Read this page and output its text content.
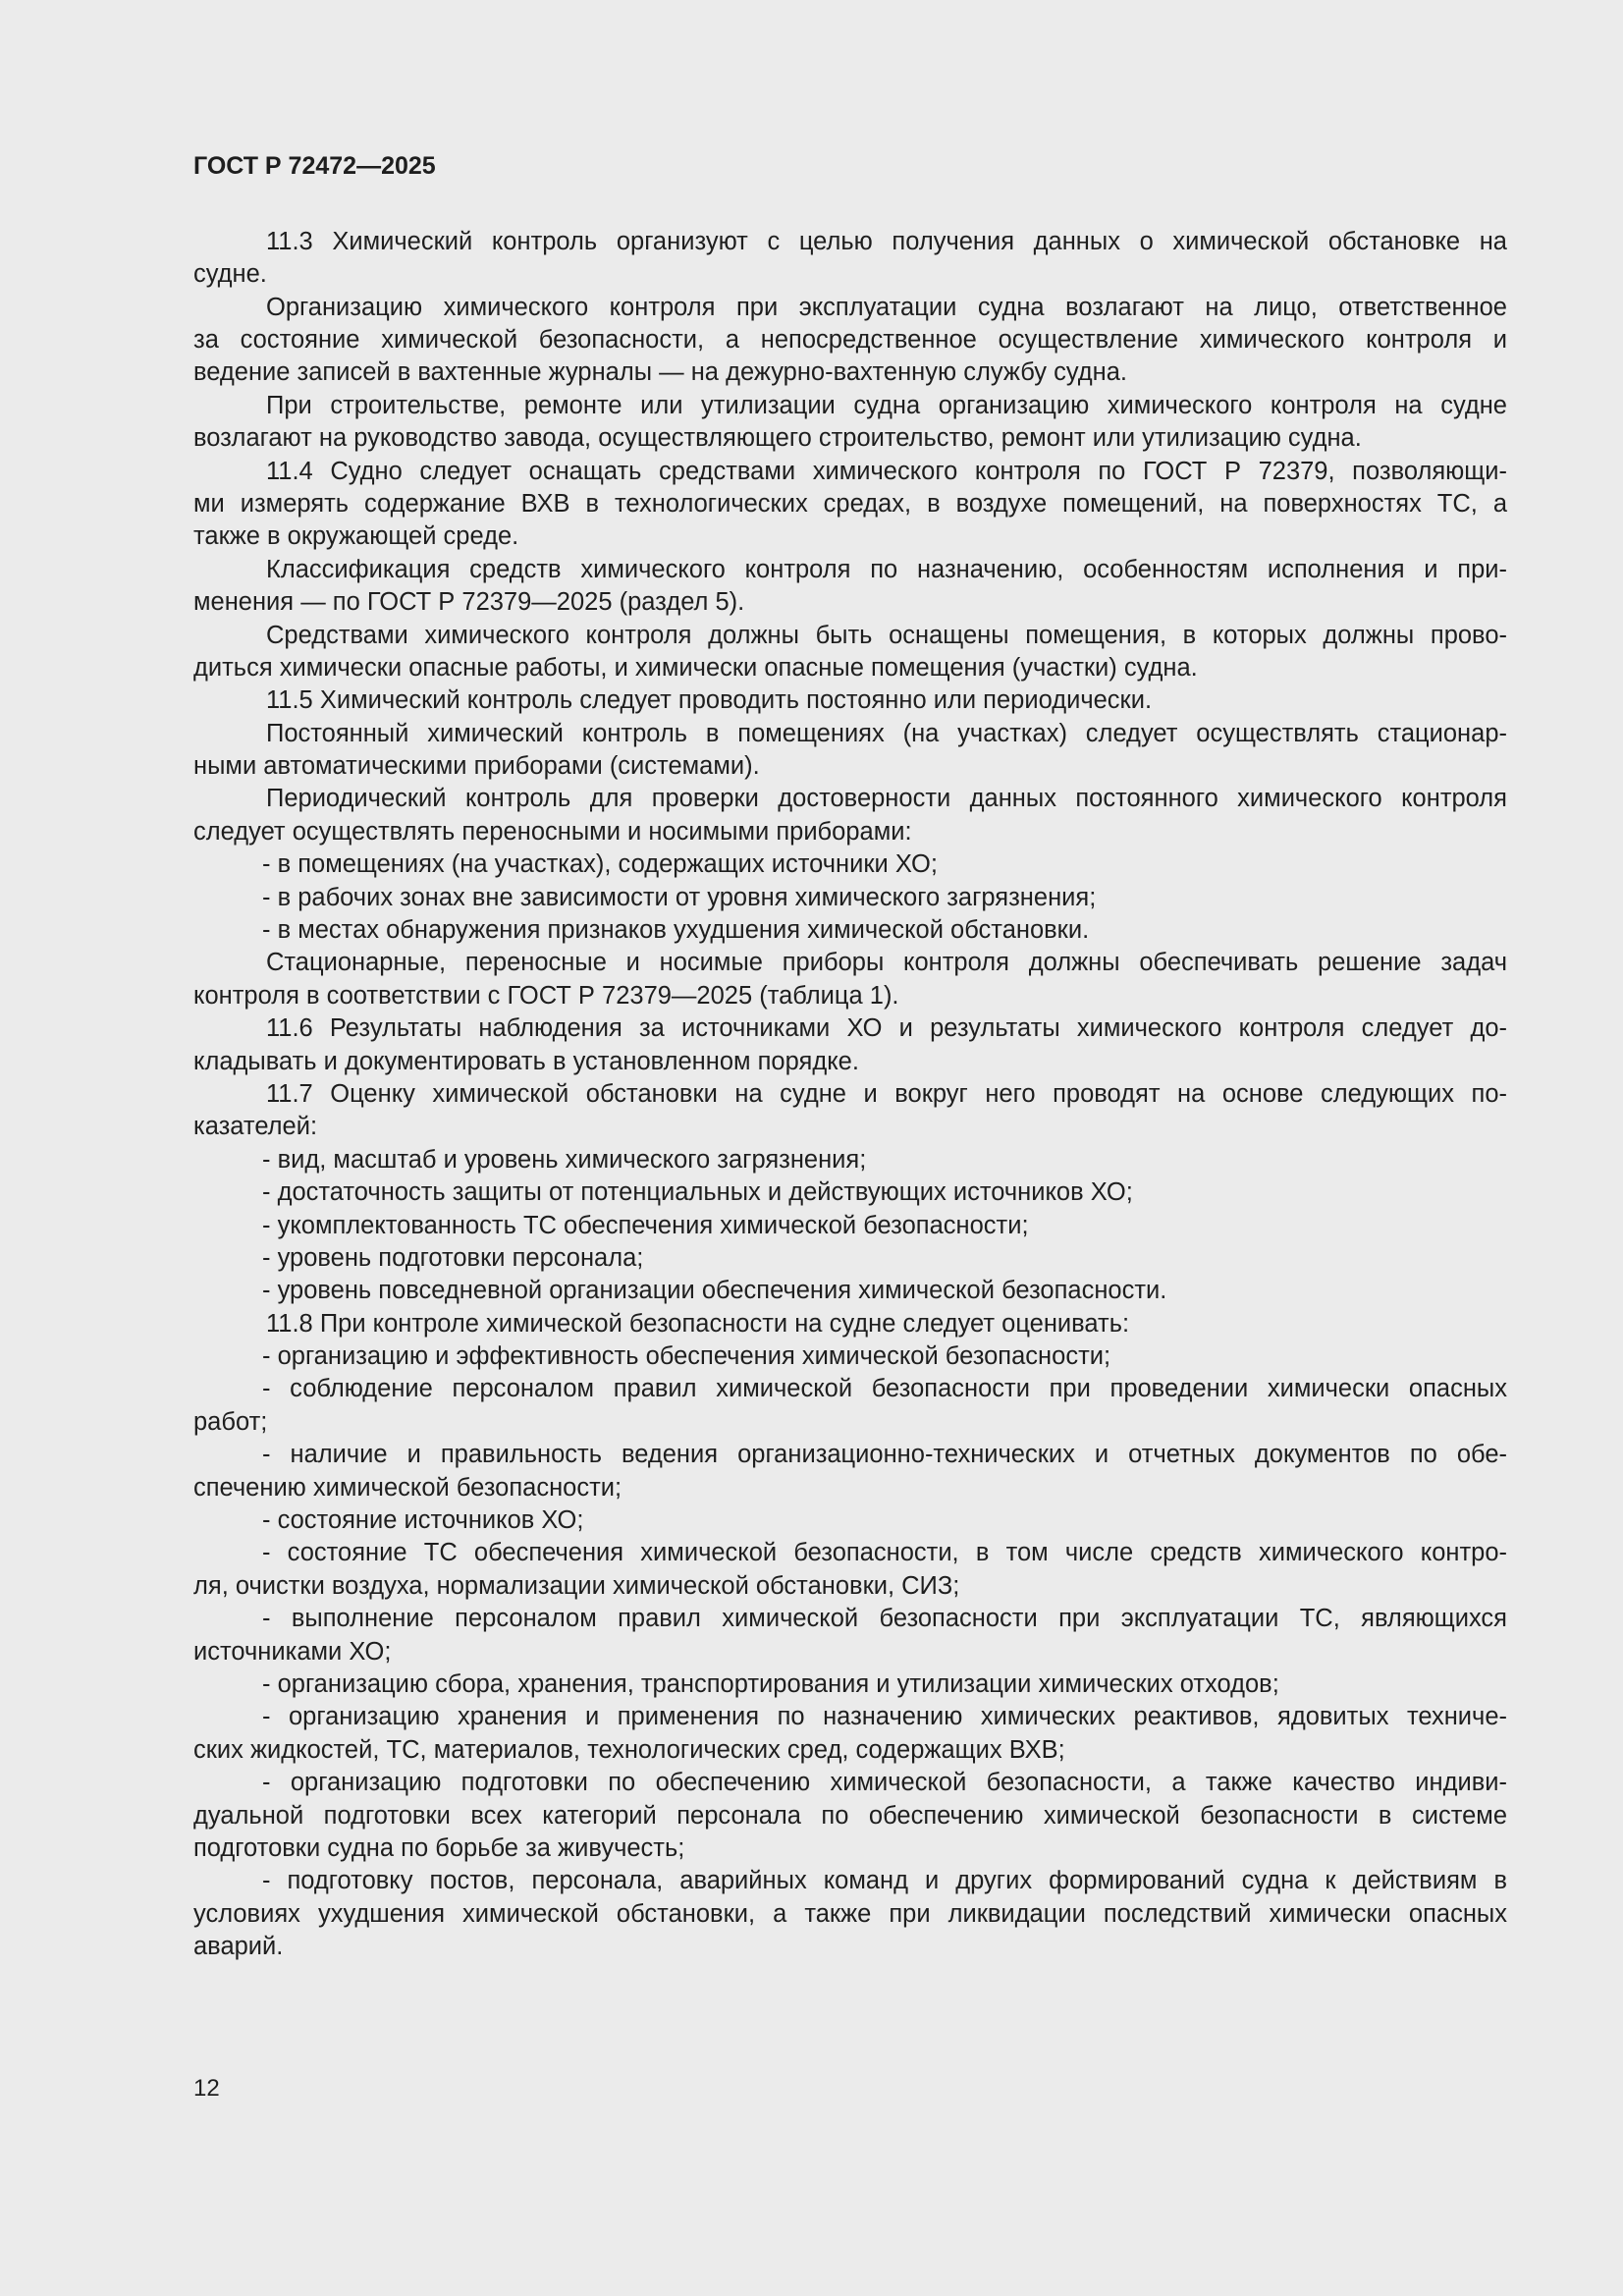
ГОСТ Р 72472—2025
11.3 Химический контроль организуют с целью получения данных о химической обстановке на
судне.
Организацию химического контроля при эксплуатации судна возлагают на лицо, ответственное
за состояние химической безопасности, а непосредственное осуществление химического контроля и
ведение записей в вахтенные журналы — на дежурно-вахтенную службу судна.
При строительстве, ремонте или утилизации судна организацию химического контроля на судне
возлагают на руководство завода, осуществляющего строительство, ремонт или утилизацию судна.
11.4 Судно следует оснащать средствами химического контроля по ГОСТ Р 72379, позволяющи-
ми измерять содержание ВХВ в технологических средах, в воздухе помещений, на поверхностях ТС, а
также в окружающей среде.
Классификация средств химического контроля по назначению, особенностям исполнения и при-
менения — по ГОСТ Р 72379—2025 (раздел 5).
Средствами химического контроля должны быть оснащены помещения, в которых должны прово-
диться химически опасные работы, и химически опасные помещения (участки) судна.
11.5 Химический контроль следует проводить постоянно или периодически.
Постоянный химический контроль в помещениях (на участках) следует осуществлять стационар-
ными автоматическими приборами (системами).
Периодический контроль для проверки достоверности данных постоянного химического контроля
следует осуществлять переносными и носимыми приборами:
- в помещениях (на участках), содержащих источники ХО;
- в рабочих зонах вне зависимости от уровня химического загрязнения;
- в местах обнаружения признаков ухудшения химической обстановки.
Стационарные, переносные и носимые приборы контроля должны обеспечивать решение задач
контроля в соответствии с ГОСТ Р 72379—2025 (таблица 1).
11.6 Результаты наблюдения за источниками ХО и результаты химического контроля следует до-
кладывать и документировать в установленном порядке.
11.7 Оценку химической обстановки на судне и вокруг него проводят на основе следующих по-
казателей:
- вид, масштаб и уровень химического загрязнения;
- достаточность защиты от потенциальных и действующих источников ХО;
- укомплектованность ТС обеспечения химической безопасности;
- уровень подготовки персонала;
- уровень повседневной организации обеспечения химической безопасности.
11.8 При контроле химической безопасности на судне следует оценивать:
- организацию и эффективность обеспечения химической безопасности;
- соблюдение персоналом правил химической безопасности при проведении химически опасных
работ;
- наличие и правильность ведения организационно-технических и отчетных документов по обе-
спечению химической безопасности;
- состояние источников ХО;
- состояние ТС обеспечения химической безопасности, в том числе средств химического контро-
ля, очистки воздуха, нормализации химической обстановки, СИЗ;
- выполнение персоналом правил химической безопасности при эксплуатации ТС, являющихся
источниками ХО;
- организацию сбора, хранения, транспортирования и утилизации химических отходов;
- организацию хранения и применения по назначению химических реактивов, ядовитых техниче-
ских жидкостей, ТС, материалов, технологических сред, содержащих ВХВ;
- организацию подготовки по обеспечению химической безопасности, а также качество индиви-
дуальной подготовки всех категорий персонала по обеспечению химической безопасности в системе
подготовки судна по борьбе за живучесть;
- подготовку постов, персонала, аварийных команд и других формирований судна к действиям в
условиях ухудшения химической обстановки, а также при ликвидации последствий химически опасных
аварий.
12
